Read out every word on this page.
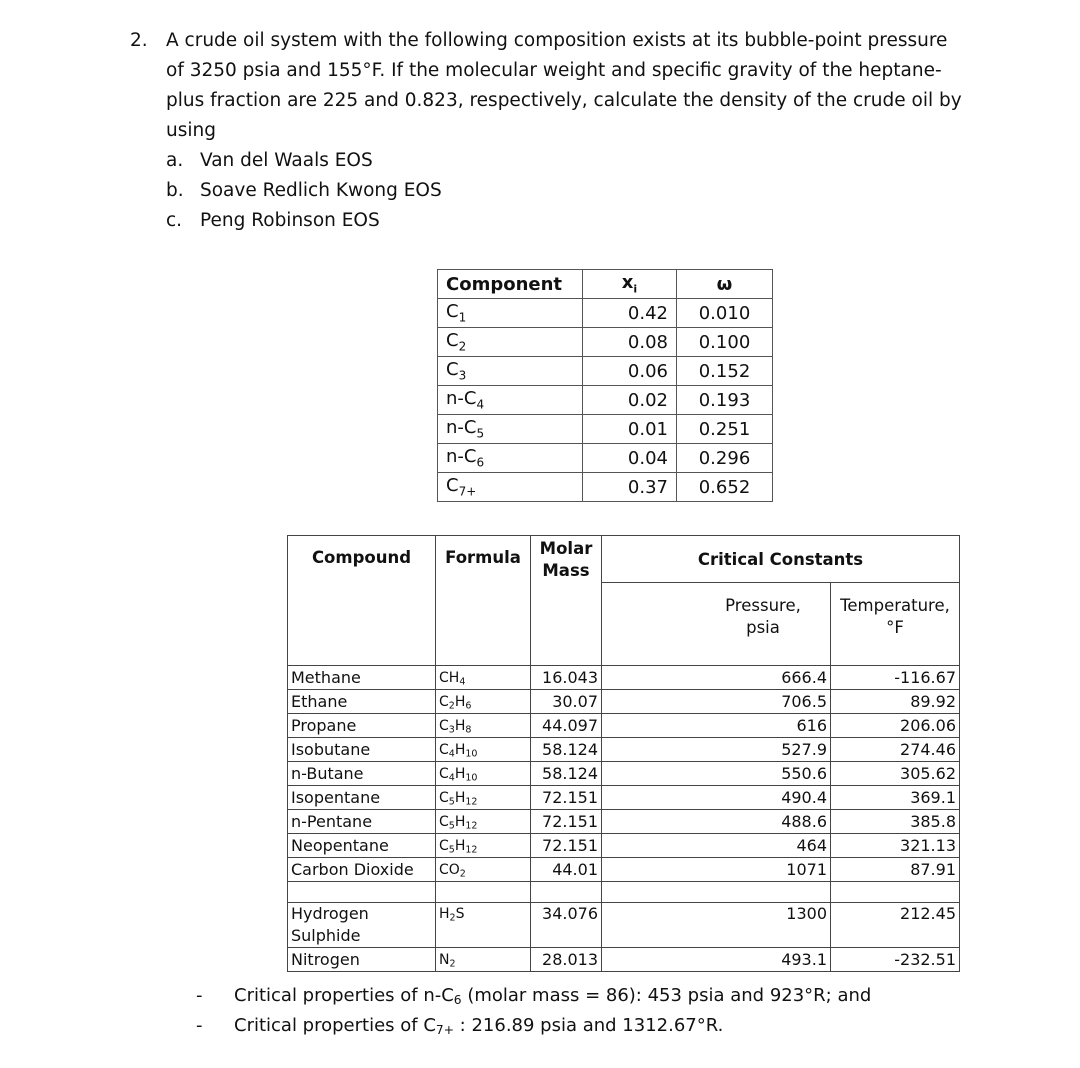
2. A crude oil system with the following composition exists at its bubble-point pressure of 3250 psia and 155°F. If the molecular weight and specific gravity of the heptane-plus fraction are 225 and 0.823, respectively, calculate the density of the crude oil by using
a. Van del Waals EOS
b. Soave Redlich Kwong EOS
c. Peng Robinson EOS
Component	$x_i$	ω
$C_1$	0.42	0.010
$C_2$	0.08	0.100
$C_3$	0.06	0.152
$n-C_4$	0.02	0.193
$n-C_5$	0.01	0.251
$n-C_6$	0.04	0.296
$C_{7+}$	0.37	0.652
Compound	Formula	Molar Mass	Critical Constants	
			Pressure, psia	Temperature, °F
Methane	$CH_4$	16.043	666.4	-116.67
Ethane	$C_2H_6$	30.07	706.5	89.92
Propane	$C_3H_8$	44.097	616	206.06
Isobutane	$C_4H_{10}$	58.124	527.9	274.46
n-Butane	$C_4H_{10}$	58.124	550.6	305.62
Isopentane	$C_5H_{12}$	72.151	490.4	369.1
n-Pentane	$C_5H_{12}$	72.151	488.6	385.8
Neopentane	$C_5H_{12}$	72.151	464	321.13
Carbon Dioxide	$CO_2$	44.01	1071	87.91

Hydrogen Sulphide	$H_2S$	34.076	1300	212.45
Nitrogen	$N_2$	28.013	493.1	-232.51
-	Critical properties of $n-C_6$ (molar mass = 86): 453 psia and 923°R; and
-	Critical properties of $C_{7+}$ : 216.89 psia and 1312.67°R.
